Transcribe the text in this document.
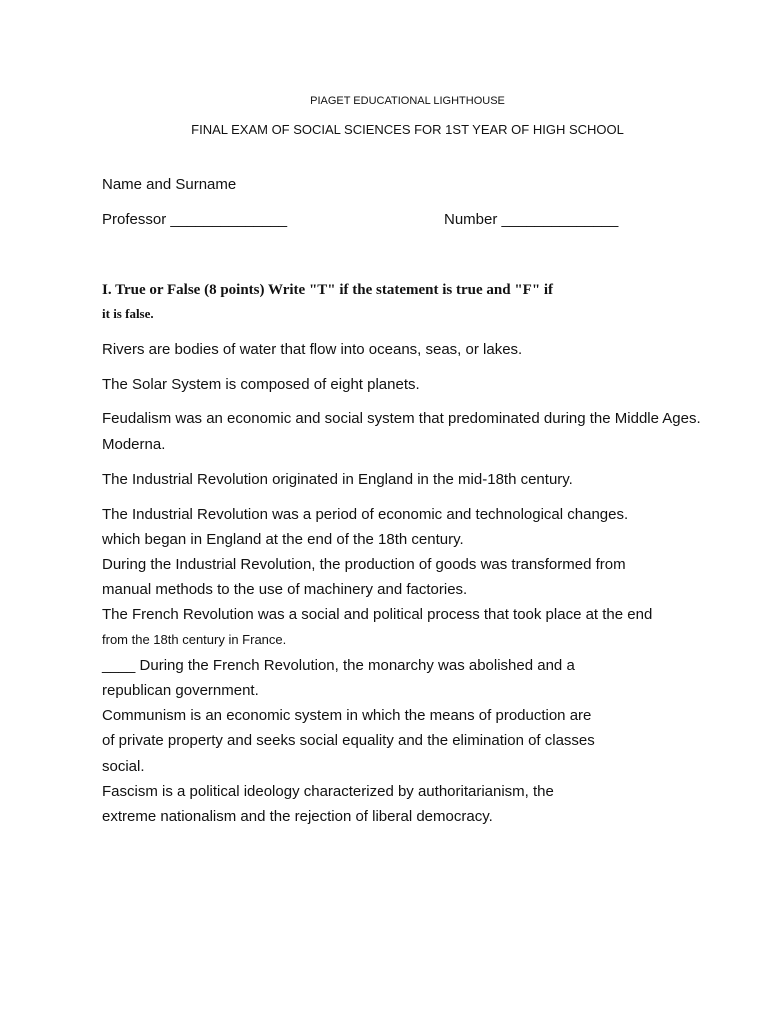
PIAGET EDUCATIONAL LIGHTHOUSE
FINAL EXAM OF SOCIAL SCIENCES FOR 1ST YEAR OF HIGH SCHOOL
Name and Surname
Professor ______________	Number ______________
I. True or False (8 points) Write "T" if the statement is true and "F" if
it is false.
Rivers are bodies of water that flow into oceans, seas, or lakes.
The Solar System is composed of eight planets.
Feudalism was an economic and social system that predominated during the Middle Ages.
Moderna.
The Industrial Revolution originated in England in the mid-18th century.
The Industrial Revolution was a period of economic and technological changes.
which began in England at the end of the 18th century.
During the Industrial Revolution, the production of goods was transformed from
manual methods to the use of machinery and factories.
The French Revolution was a social and political process that took place at the end
from the 18th century in France.
____ During the French Revolution, the monarchy was abolished and a
republican government.
Communism is an economic system in which the means of production are
of private property and seeks social equality and the elimination of classes
social.
Fascism is a political ideology characterized by authoritarianism, the
extreme nationalism and the rejection of liberal democracy.
